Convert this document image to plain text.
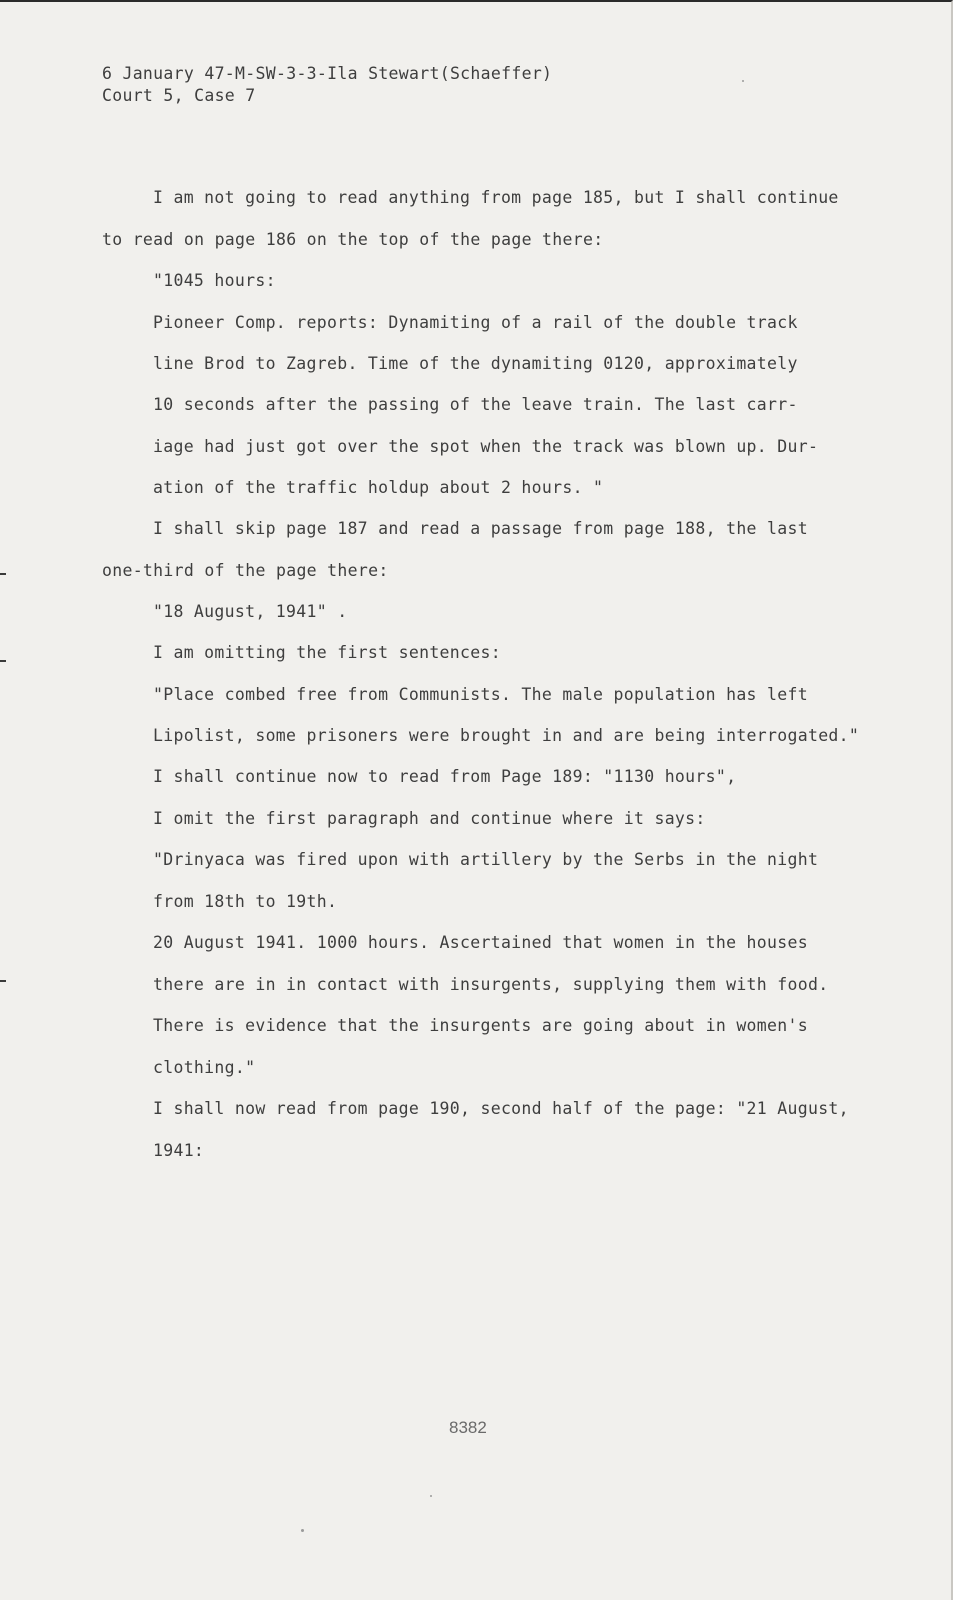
6 January 47-M-SW-3-3-Ila Stewart(Schaeffer)
Court 5, Case 7
I am not going to read anything from page 185, but I shall continue
to read on page 186 on the top of the page there:
"1045 hours:
Pioneer Comp. reports: Dynamiting of a rail of the double track
line Brod to Zagreb. Time of the dynamiting 0120, approximately
10 seconds after the passing of the leave train. The last carr-
iage had just got over the spot when the track was blown up. Dur-
ation of the traffic holdup about 2 hours. "
I shall skip page 187 and read a passage from page 188, the last
one-third of the page there:
"18 August, 1941" .
I am omitting the first sentences:
"Place combed free from Communists. The male population has left
Lipolist, some prisoners were brought in and are being interrogated."
I shall continue now to read from Page 189: "1130 hours",
I omit the first paragraph and continue where it says:
"Drinyaca was fired upon with artillery by the Serbs in the night
from 18th to 19th.
20 August 1941. 1000 hours. Ascertained that women in the houses
there are in in contact with insurgents, supplying them with food.
There is evidence that the insurgents are going about in women's
clothing."
I shall now read from page 190, second half of the page: "21 August,
1941:
8382
